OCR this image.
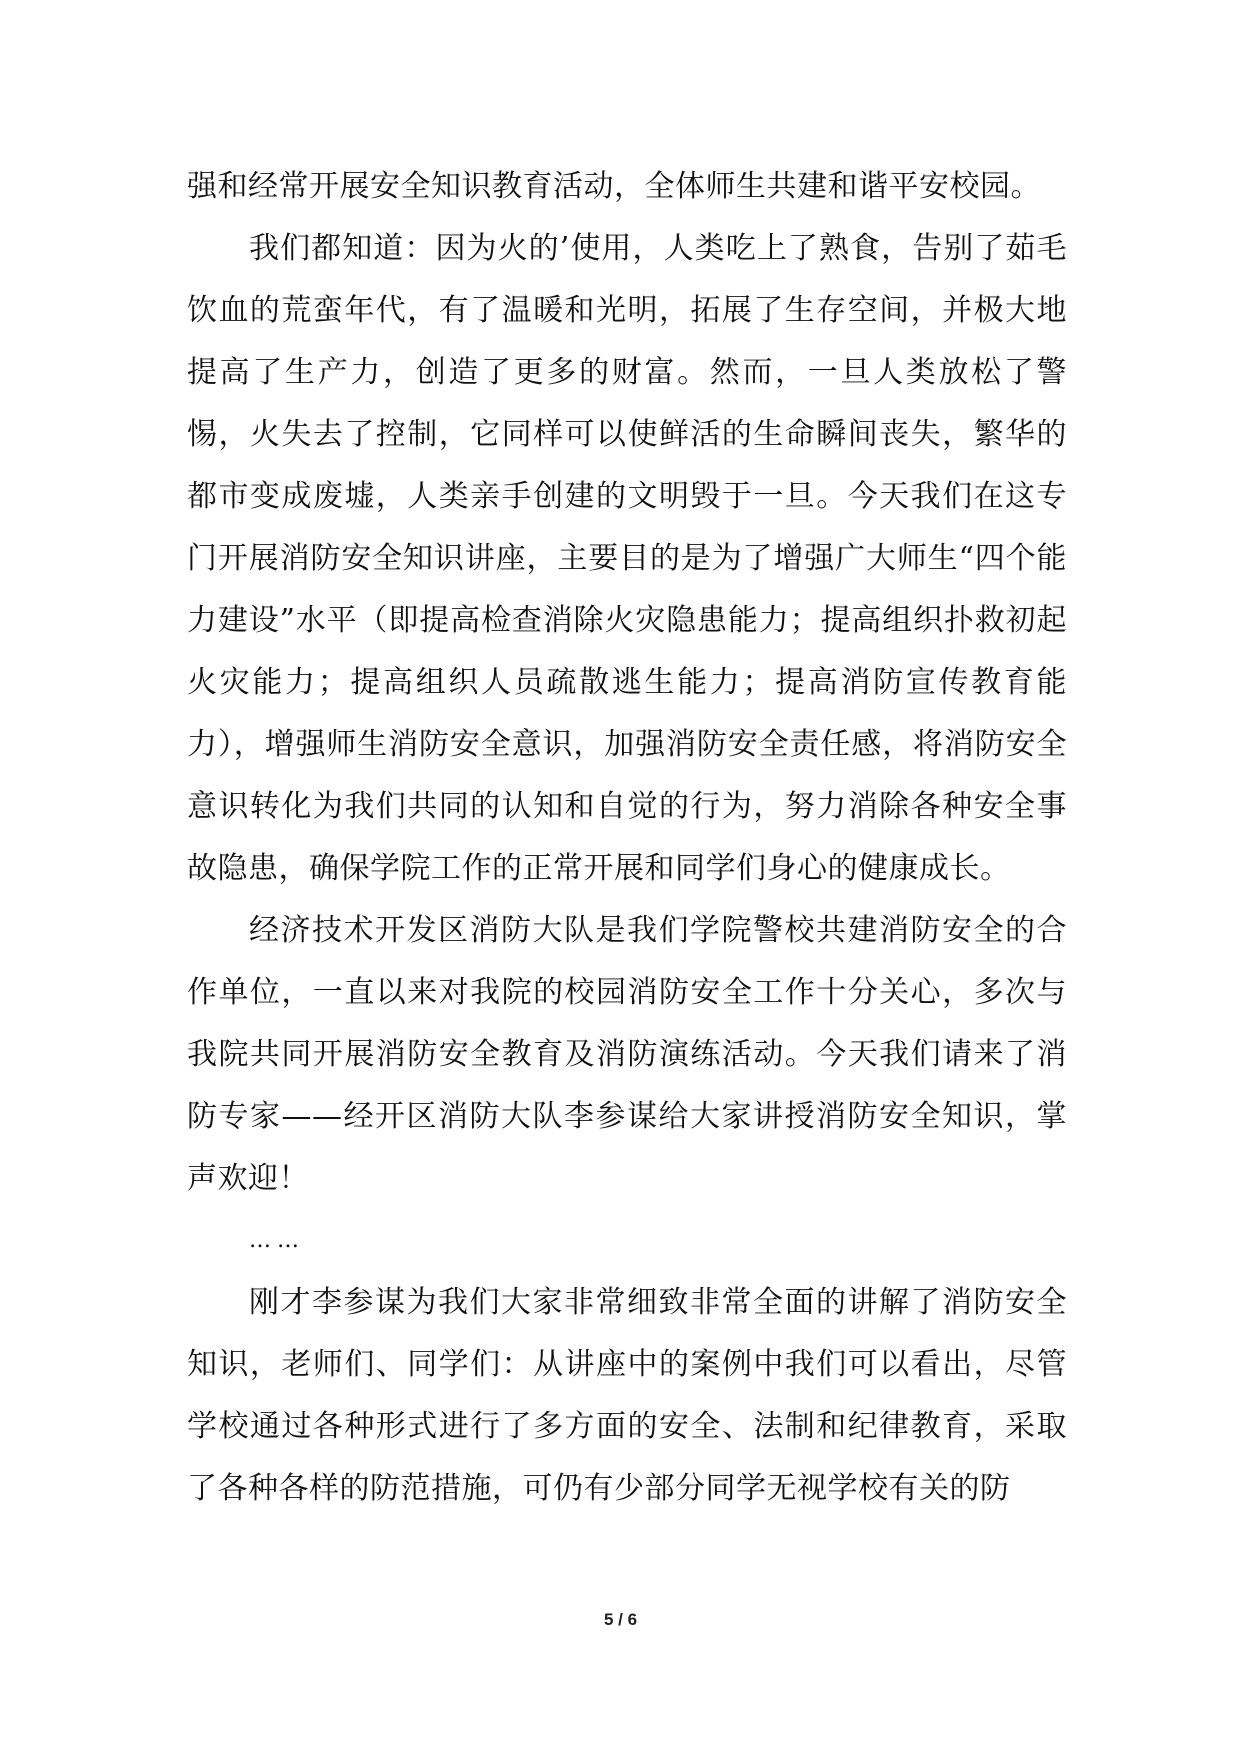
强和经常开展安全知识教育活动，全体师生共建和谐平安校园。

我们都知道：因为火的’使用，人类吃上了熟食，告别了茹毛饮血的荒蛮年代，有了温暖和光明，拓展了生存空间，并极大地提高了生产力，创造了更多的财富。然而，一旦人类放松了警惕，火失去了控制，它同样可以使鲜活的生命瞬间丧失，繁华的都市变成废墟，人类亲手创建的文明毁于一旦。今天我们在这专门开展消防安全知识讲座，主要目的是为了增强广大师生“四个能力建设”水平（即提高检查消除火灾隐患能力；提高组织扑救初起火灾能力；提高组织人员疏散逃生能力；提高消防宣传教育能力），增强师生消防安全意识，加强消防安全责任感，将消防安全意识转化为我们共同的认知和自觉的行为，努力消除各种安全事故隐患，确保学院工作的正常开展和同学们身心的健康成长。

经济技术开发区消防大队是我们学院警校共建消防安全的合作单位，一直以来对我院的校园消防安全工作十分关心，多次与我院共同开展消防安全教育及消防演练活动。今天我们请来了消防专家——经开区消防大队李参谋给大家讲授消防安全知识，掌声欢迎！

……

刚才李参谋为我们大家非常细致非常全面的讲解了消防安全知识，老师们、同学们：从讲座中的案例中我们可以看出，尽管学校通过各种形式进行了多方面的安全、法制和纪律教育，采取了各种各样的防范措施，可仍有少部分同学无视学校有关的防

5 / 6
